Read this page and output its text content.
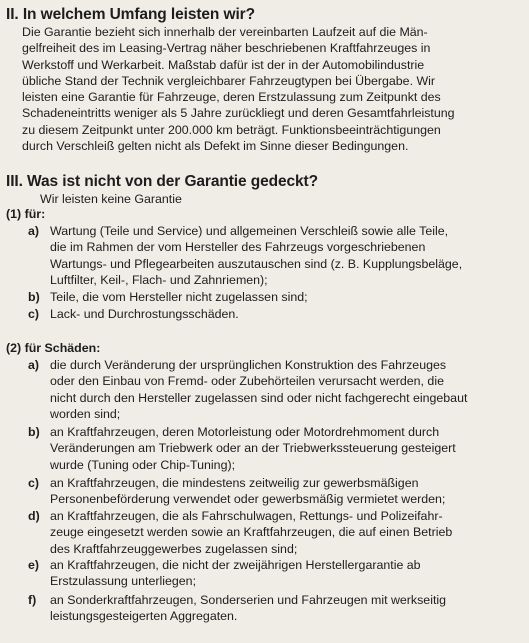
II. In welchem Umfang leisten wir?
Die Garantie bezieht sich innerhalb der vereinbarten Laufzeit auf die Män-
gelfreiheit des im Leasing-Vertrag näher beschriebenen Kraftfahrzeuges in
Werkstoff und Werkarbeit. Maßstab dafür ist der in der Automobilindustrie
übliche Stand der Technik vergleichbarer Fahrzeugtypen bei Übergabe. Wir
leisten eine Garantie für Fahrzeuge, deren Erstzulassung zum Zeitpunkt des
Schadeneintritts weniger als 5 Jahre zurückliegt und deren Gesamtfahrleistung
zu diesem Zeitpunkt unter 200.000 km beträgt. Funktionsbeeinträchtigungen
durch Verschleiß gelten nicht als Defekt im Sinne dieser Bedingungen.
III. Was ist nicht von der Garantie gedeckt?
Wir leisten keine Garantie
(1) für:
a) Wartung (Teile und Service) und allgemeinen Verschleiß sowie alle Teile,
die im Rahmen der vom Hersteller des Fahrzeugs vorgeschriebenen
Wartungs- und Pflegearbeiten auszutauschen sind (z. B. Kupplungsbeläge,
Luftfilter, Keil-, Flach- und Zahnriemen);
b) Teile, die vom Hersteller nicht zugelassen sind;
c) Lack- und Durchrostungsschäden.
(2) für Schäden:
a) die durch Veränderung der ursprünglichen Konstruktion des Fahrzeuges
oder den Einbau von Fremd- oder Zubehörteilen verursacht werden, die
nicht durch den Hersteller zugelassen sind oder nicht fachgerecht eingebaut
worden sind;
b) an Kraftfahrzeugen, deren Motorleistung oder Motordrehmoment durch
Veränderungen am Triebwerk oder an der Triebwerkssteuerung gesteigert
wurde (Tuning oder Chip-Tuning);
c) an Kraftfahrzeugen, die mindestens zeitweilig zur gewerbsmäßigen
Personenbeförderung verwendet oder gewerbsmäßig vermietet werden;
d) an Kraftfahrzeugen, die als Fahrschulwagen, Rettungs- und Polizeifahr-
zeuge eingesetzt werden sowie an Kraftfahrzeugen, die auf einen Betrieb
des Kraftfahrzeuggewerbes zugelassen sind;
e) an Kraftfahrzeugen, die nicht der zweijährigen Herstellergarantie ab
Erstzulassung unterliegen;
f)	an Sonderkraftfahrzeugen, Sonderserien und Fahrzeugen mit werkseitig
leistungsgesteigerten Aggregaten.
